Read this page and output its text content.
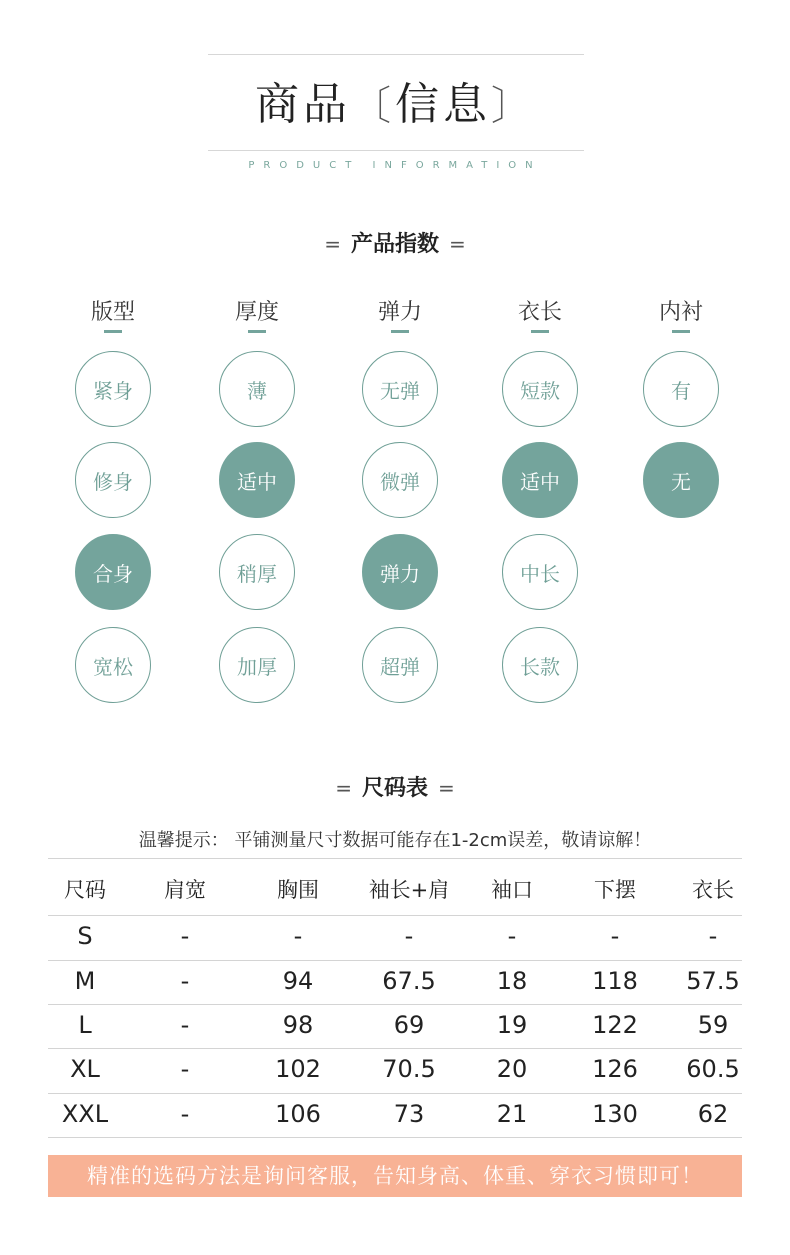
商品〔信息〕
PRODUCT INFORMATION
= 产品指数 =
版型
紧身
修身
合身
宽松
厚度
薄
适中
稍厚
加厚
弹力
无弹
微弹
弹力
超弹
衣长
短款
适中
中长
长款
内衬
有
无
= 尺码表 =
温馨提示： 平铺测量尺寸数据可能存在1-2cm误差，敬请谅解！
尺码	肩宽	胸围	袖长+肩	袖口	下摆	衣长
S	-	-	-	-	-	-
M	-	94	67.5	18	118	57.5
L	-	98	69	19	122	59
XL	-	102	70.5	20	126	60.5
XXL	-	106	73	21	130	62
精准的选码方法是询问客服，告知身高、体重、穿衣习惯即可！
